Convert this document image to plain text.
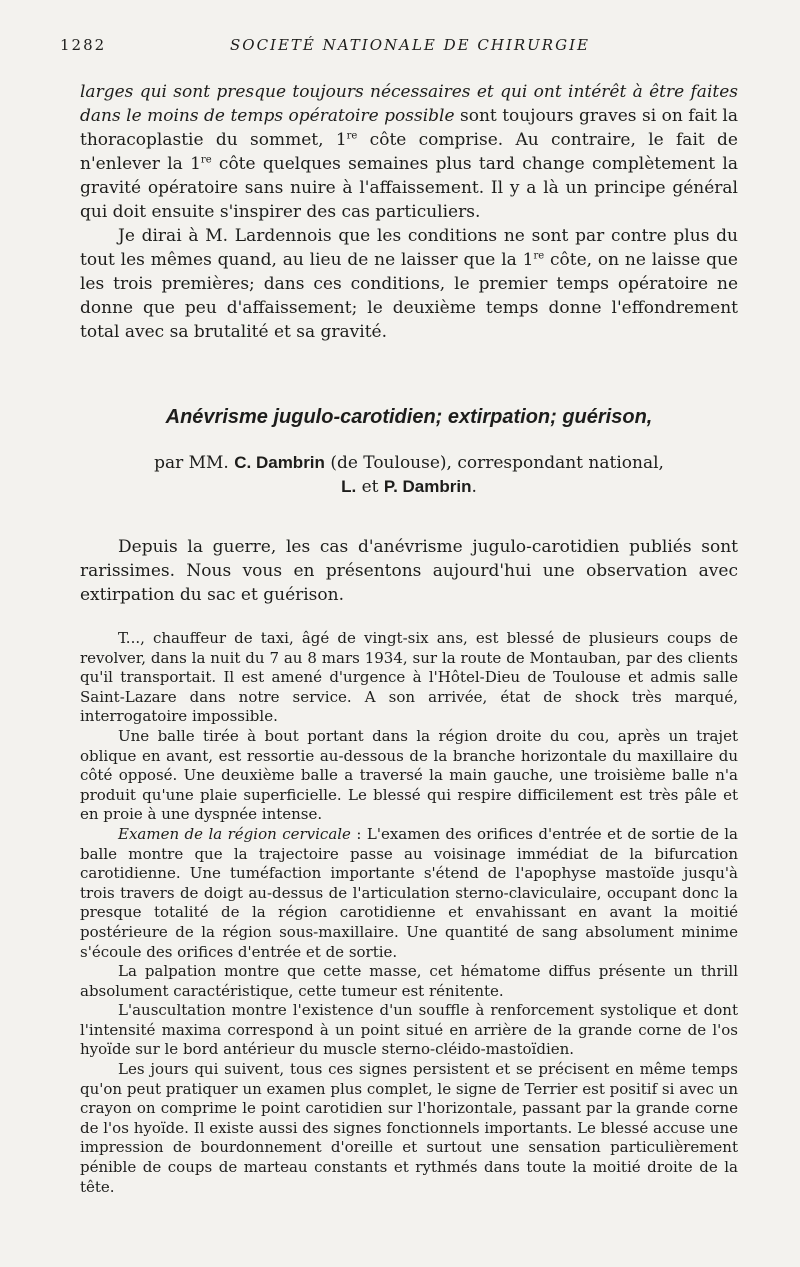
1282	SOCIETÉ NATIONALE DE CHIRURGIE

larges qui sont presque toujours nécessaires et qui ont intérêt à être faites dans le moins de temps opératoire possible sont toujours graves si on fait la thoracoplastie du sommet, 1re côte comprise. Au contraire, le fait de n'enlever la 1re côte quelques semaines plus tard change complètement la gravité opératoire sans nuire à l'affaissement. Il y a là un principe général qui doit ensuite s'inspirer des cas particuliers.

Je dirai à M. Lardennois que les conditions ne sont par contre plus du tout les mêmes quand, au lieu de ne laisser que la 1re côte, on ne laisse que les trois premières; dans ces conditions, le premier temps opératoire ne donne que peu d'affaissement; le deuxième temps donne l'effondrement total avec sa brutalité et sa gravité.

Anévrisme jugulo-carotidien; extirpation; guérison,

par MM. C. Dambrin (de Toulouse), correspondant national,

L. et P. Dambrin.

Depuis la guerre, les cas d'anévrisme jugulo-carotidien publiés sont rarissimes. Nous vous en présentons aujourd'hui une observation avec extirpation du sac et guérison.

T..., chauffeur de taxi, âgé de vingt-six ans, est blessé de plusieurs coups de revolver, dans la nuit du 7 au 8 mars 1934, sur la route de Montauban, par des clients qu'il transportait. Il est amené d'urgence à l'Hôtel-Dieu de Toulouse et admis salle Saint-Lazare dans notre service. A son arrivée, état de shock très marqué, interrogatoire impossible.

Une balle tirée à bout portant dans la région droite du cou, après un trajet oblique en avant, est ressortie au-dessous de la branche horizontale du maxillaire du côté opposé. Une deuxième balle a traversé la main gauche, une troisième balle n'a produit qu'une plaie superficielle. Le blessé qui respire difficilement est très pâle et en proie à une dyspnée intense.

Examen de la région cervicale : L'examen des orifices d'entrée et de sortie de la balle montre que la trajectoire passe au voisinage immédiat de la bifurcation carotidienne. Une tuméfaction importante s'étend de l'apophyse mastoïde jusqu'à trois travers de doigt au-dessus de l'articulation sterno-claviculaire, occupant donc la presque totalité de la région carotidienne et envahissant en avant la moitié postérieure de la région sous-maxillaire. Une quantité de sang absolument minime s'écoule des orifices d'entrée et de sortie.

La palpation montre que cette masse, cet hématome diffus présente un thrill absolument caractéristique, cette tumeur est rénitente.

L'auscultation montre l'existence d'un souffle à renforcement systolique et dont l'intensité maxima correspond à un point situé en arrière de la grande corne de l'os hyoïde sur le bord antérieur du muscle sterno-cléido-mastoïdien.

Les jours qui suivent, tous ces signes persistent et se précisent en même temps qu'on peut pratiquer un examen plus complet, le signe de Terrier est positif si avec un crayon on comprime le point carotidien sur l'horizontale, passant par la grande corne de l'os hyoïde. Il existe aussi des signes fonctionnels importants. Le blessé accuse une impression de bourdonnement d'oreille et surtout une sensation particulièrement pénible de coups de marteau constants et rythmés dans toute la moitié droite de la tête.
